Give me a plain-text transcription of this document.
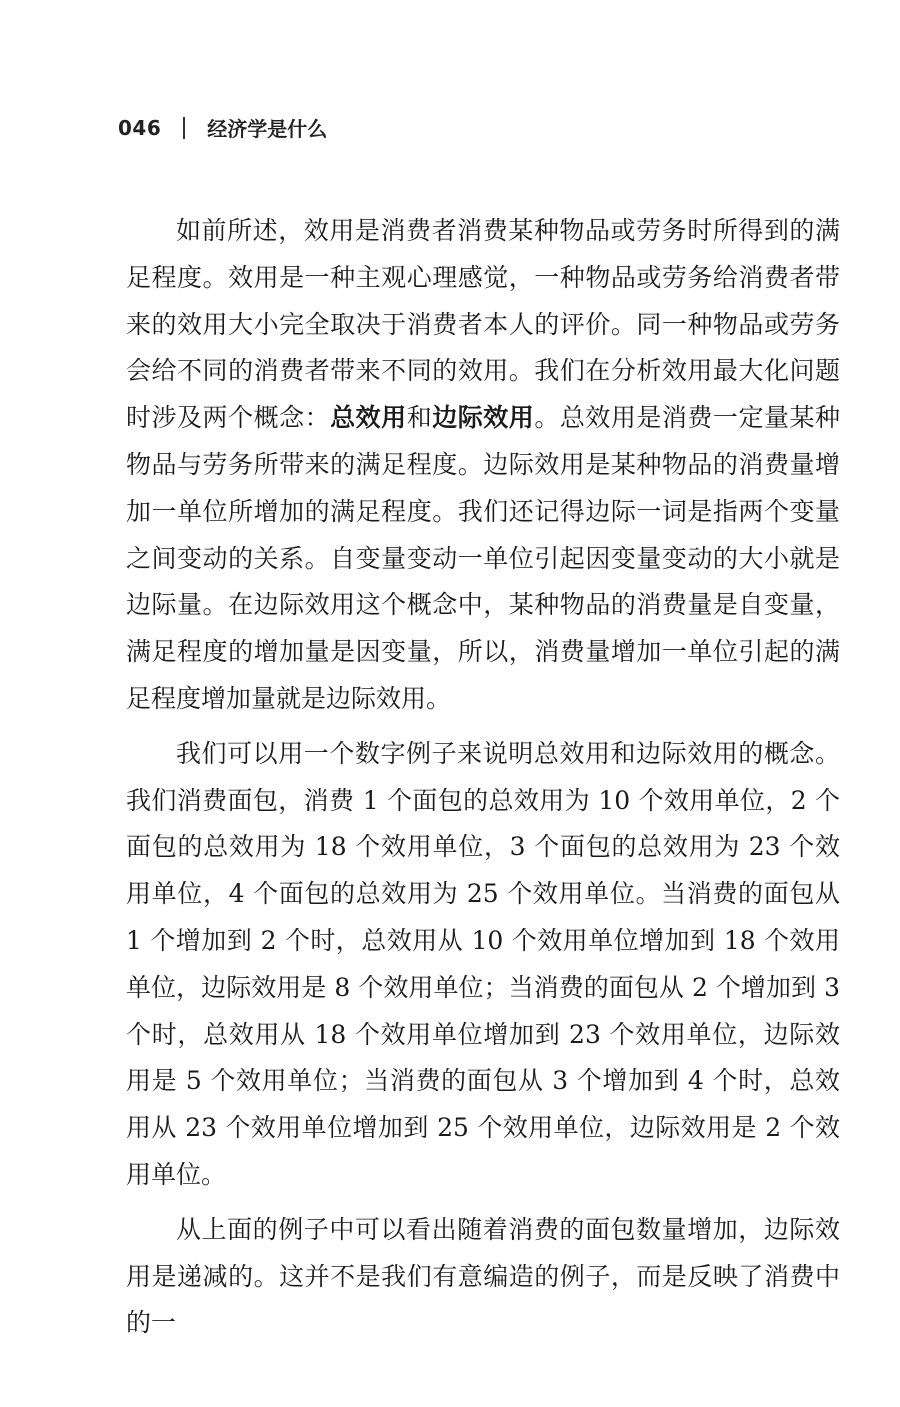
046 经济学是什么

如前所述，效用是消费者消费某种物品或劳务时所得到的满足程度。效用是一种主观心理感觉，一种物品或劳务给消费者带来的效用大小完全取决于消费者本人的评价。同一种物品或劳务会给不同的消费者带来不同的效用。我们在分析效用最大化问题时涉及两个概念：总效用和边际效用。总效用是消费一定量某种物品与劳务所带来的满足程度。边际效用是某种物品的消费量增加一单位所增加的满足程度。我们还记得边际一词是指两个变量之间变动的关系。自变量变动一单位引起因变量变动的大小就是边际量。在边际效用这个概念中，某种物品的消费量是自变量，满足程度的增加量是因变量，所以，消费量增加一单位引起的满足程度增加量就是边际效用。

我们可以用一个数字例子来说明总效用和边际效用的概念。我们消费面包，消费 1 个面包的总效用为 10 个效用单位，2 个面包的总效用为 18 个效用单位，3 个面包的总效用为 23 个效用单位，4 个面包的总效用为 25 个效用单位。当消费的面包从 1 个增加到 2 个时，总效用从 10 个效用单位增加到 18 个效用单位，边际效用是 8 个效用单位；当消费的面包从 2 个增加到 3 个时，总效用从 18 个效用单位增加到 23 个效用单位，边际效用是 5 个效用单位；当消费的面包从 3 个增加到 4 个时，总效用从 23 个效用单位增加到 25 个效用单位，边际效用是 2 个效用单位。

从上面的例子中可以看出随着消费的面包数量增加，边际效用是递减的。这并不是我们有意编造的例子，而是反映了消费中的一
